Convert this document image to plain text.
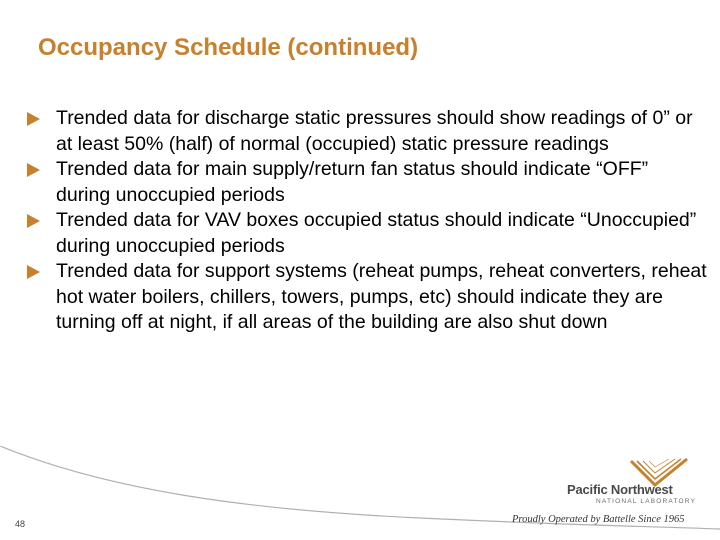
Occupancy Schedule (continued)
Trended data for discharge static pressures should show readings of 0” or at least 50% (half) of normal (occupied) static pressure readings
Trended data for main supply/return fan status should indicate “OFF” during unoccupied periods
Trended data for VAV boxes occupied status should indicate “Unoccupied” during unoccupied periods
Trended data for support systems (reheat pumps, reheat converters, reheat hot water boilers, chillers, towers, pumps, etc) should indicate they are turning off at night, if all areas of the building are also shut down
48
Pacific Northwest
NATIONAL LABORATORY
Proudly Operated by Battelle Since 1965
